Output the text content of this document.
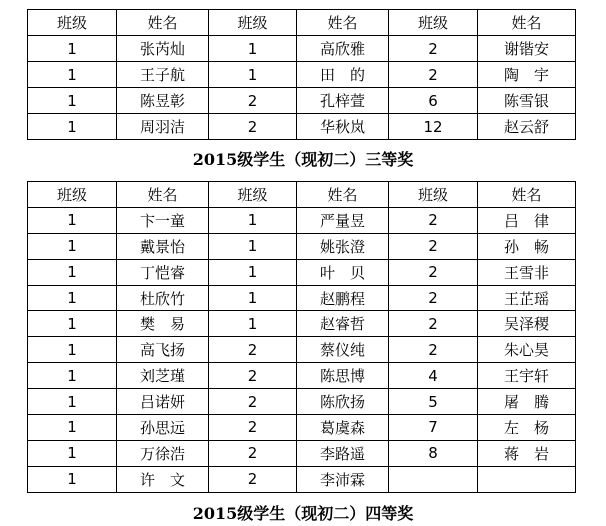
班级	姓名	班级	姓名	班级	姓名
1	张芮灿	1	高欣雅	2	谢锴安
1	王子航	1	田　的	2	陶　宇
1	陈昱彰	2	孔梓萱	6	陈雪银
1	周羽洁	2	华秋岚	12	赵云舒
2015级学生（现初二）三等奖
班级	姓名	班级	姓名	班级	姓名
1	卞一童	1	严量昱	2	吕　律
1	戴景怡	1	姚张澄	2	孙　畅
1	丁恺睿	1	叶　贝	2	王雪非
1	杜欣竹	1	赵鹏程	2	王芷瑶
1	樊　易	1	赵睿哲	2	吴泽稷
1	高飞扬	2	蔡仪纯	2	朱心昊
1	刘芝瑾	2	陈思博	4	王宇轩
1	吕诺妍	2	陈欣扬	5	屠　腾
1	孙思远	2	葛虞森	7	左　杨
1	万徐浩	2	李路遥	8	蒋　岩
1	许　文	2	李沛霖		
2015级学生（现初二）四等奖
